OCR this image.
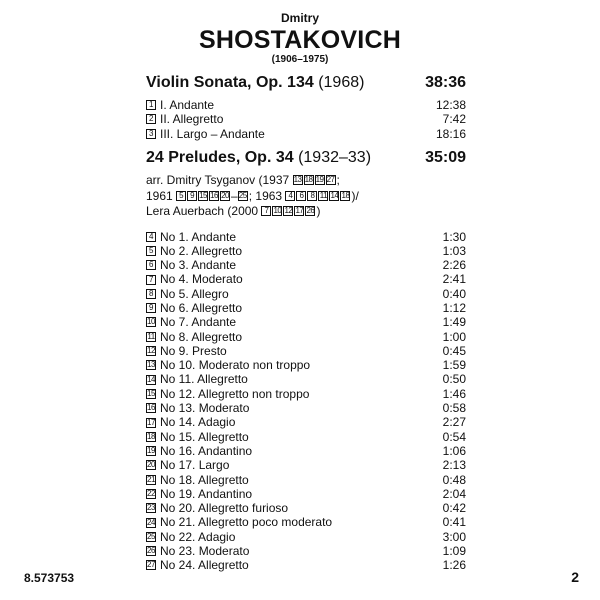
Dmitry
SHOSTAKOVICH
(1906–1975)
Violin Sonata, Op. 134 (1968)	38:36
1 I. Andante	12:38
2 II. Allegretto	7:42
3 III. Largo – Andante	18:16
24 Preludes, Op. 34 (1932–33)	35:09
arr. Dmitry Tsyganov (1937 13 18 19 27 ;
1961 5 9 15 16 20 –25 ; 1963 4 6 8 11 14 18 )/
Lera Auerbach (2000 7 10 12 17 26 )
4 No 1. Andante	1:30
5 No 2. Allegretto	1:03
6 No 3. Andante	2:26
7 No 4. Moderato	2:41
8 No 5. Allegro	0:40
9 No 6. Allegretto	1:12
10 No 7. Andante	1:49
11 No 8. Allegretto	1:00
12 No 9. Presto	0:45
13 No 10. Moderato non troppo	1:59
14 No 11. Allegretto	0:50
15 No 12. Allegretto non troppo	1:46
16 No 13. Moderato	0:58
17 No 14. Adagio	2:27
18 No 15. Allegretto	0:54
19 No 16. Andantino	1:06
20 No 17. Largo	2:13
21 No 18. Allegretto	0:48
22 No 19. Andantino	2:04
23 No 20. Allegretto furioso	0:42
24 No 21. Allegretto poco moderato	0:41
25 No 22. Adagio	3:00
26 No 23. Moderato	1:09
27 No 24. Allegretto	1:26
8.573753	2
